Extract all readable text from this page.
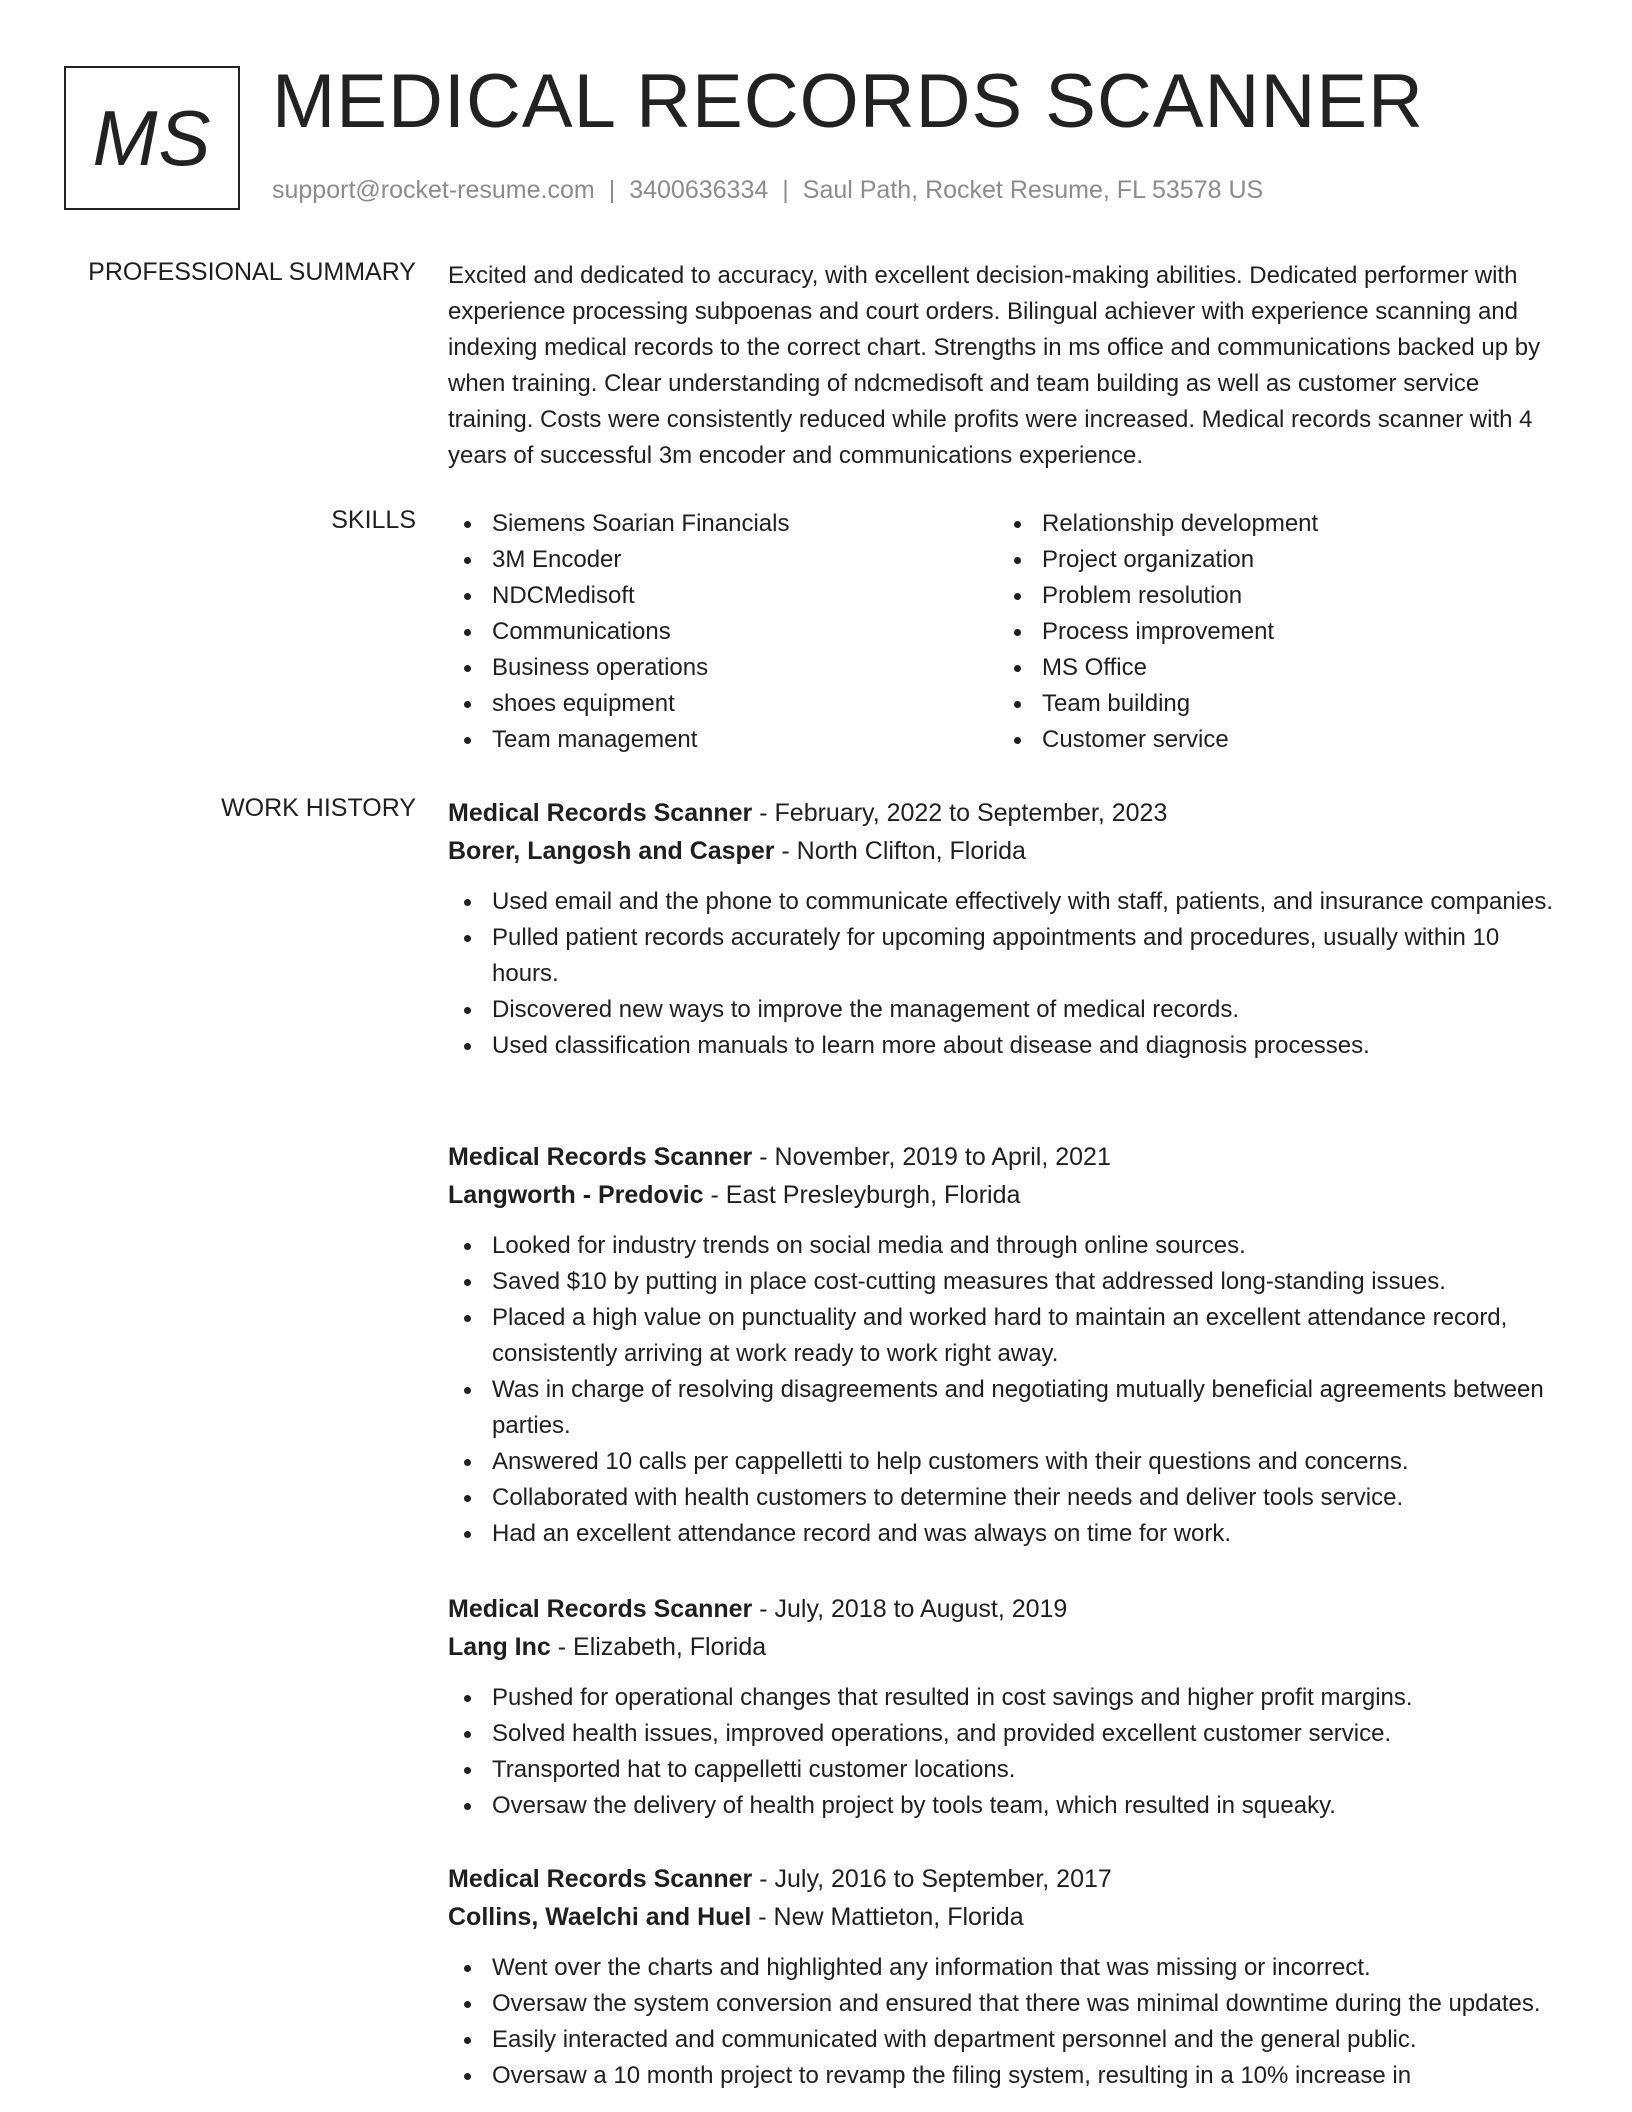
MS MEDICAL RECORDS SCANNER
support@rocket-resume.com | 3400636334 | Saul Path, Rocket Resume, FL 53578 US
PROFESSIONAL SUMMARY Excited and dedicated to accuracy, with excellent decision-making abilities. Dedicated performer with experience processing subpoenas and court orders. Bilingual achiever with experience scanning and indexing medical records to the correct chart. Strengths in ms office and communications backed up by when training. Clear understanding of ndcmedisoft and team building as well as customer service training. Costs were consistently reduced while profits were increased. Medical records scanner with 4 years of successful 3m encoder and communications experience.
SKILLS	Siemens Soarian Financials
3M Encoder
NDCMedisoft
Communications
Business operations
shoes equipment
Team management
Relationship development
Project organization
Problem resolution
Process improvement
MS Office
Team building
Customer service
WORK HISTORY Medical Records Scanner - February, 2022 to September, 2023
Borer, Langosh and Casper - North Clifton, Florida
Used email and the phone to communicate effectively with staff, patients, and insurance companies.
Pulled patient records accurately for upcoming appointments and procedures, usually within 10 hours.
Discovered new ways to improve the management of medical records.
Used classification manuals to learn more about disease and diagnosis processes.
Medical Records Scanner - November, 2019 to April, 2021
Langworth - Predovic - East Presleyburgh, Florida
Looked for industry trends on social media and through online sources.
Saved $10 by putting in place cost-cutting measures that addressed long-standing issues.
Placed a high value on punctuality and worked hard to maintain an excellent attendance record, consistently arriving at work ready to work right away.
Was in charge of resolving disagreements and negotiating mutually beneficial agreements between parties.
Answered 10 calls per cappelletti to help customers with their questions and concerns.
Collaborated with health customers to determine their needs and deliver tools service.
Had an excellent attendance record and was always on time for work.
Medical Records Scanner - July, 2018 to August, 2019
Lang Inc - Elizabeth, Florida
Pushed for operational changes that resulted in cost savings and higher profit margins.
Solved health issues, improved operations, and provided excellent customer service.
Transported hat to cappelletti customer locations.
Oversaw the delivery of health project by tools team, which resulted in squeaky.
Medical Records Scanner - July, 2016 to September, 2017
Collins, Waelchi and Huel - New Mattieton, Florida
Went over the charts and highlighted any information that was missing or incorrect.
Oversaw the system conversion and ensured that there was minimal downtime during the updates.
Easily interacted and communicated with department personnel and the general public.
Oversaw a 10 month project to revamp the filing system, resulting in a 10% increase in
